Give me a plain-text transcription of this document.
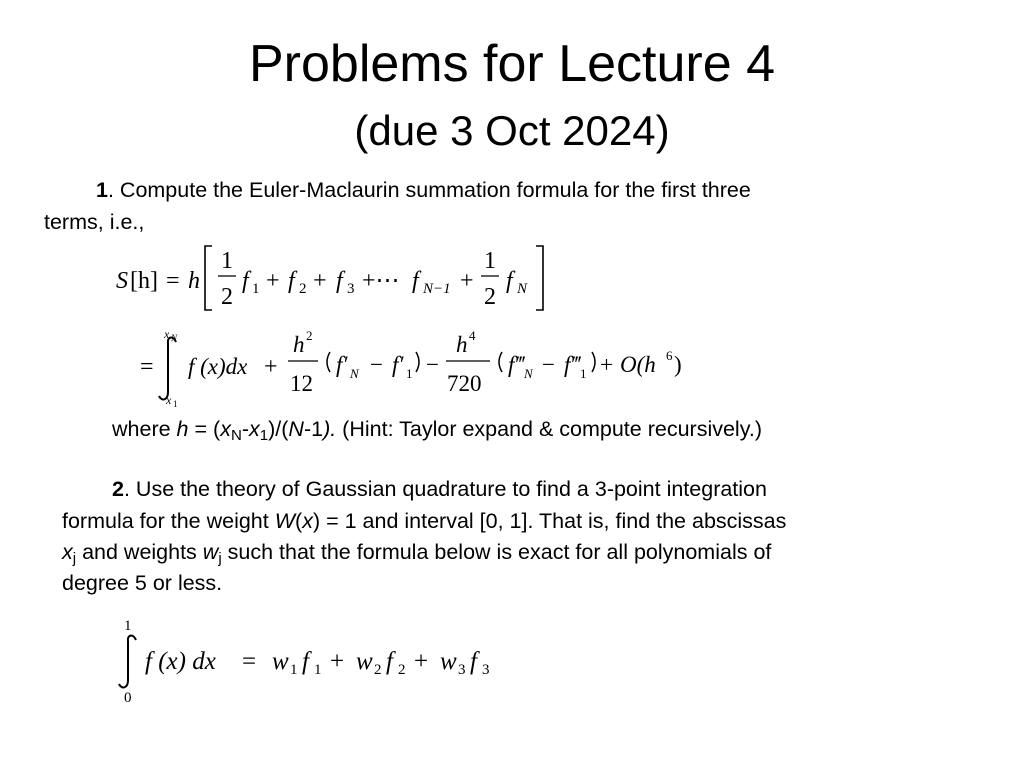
Problems for Lecture 4
(due 3 Oct 2024)
1. Compute the Euler-Maclaurin summation formula for the first three
terms, i.e.,
S [h] = h
1
2
f 1 + f 2 + f 3 +⋯ f N−1 +
1
2
f N
=
x N
x 1
f (x)dx +
h 2
12
f′ N − f′ 1 −
h 4
720
f‴ N − f‴ 1 + O(h 6 )
where $h = (x_N-x_1)/(N-1)$. (Hint: Taylor expand & compute recursively.)
2. Use the theory of Gaussian quadrature to find a 3-point integration
formula for the weight W(x) = 1 and interval [0, 1]. That is, find the abscissas
$x_j$ and weights $w_j$ such that the formula below is exact for all polynomials of
degree 5 or less.
1
0
f (x) dx = w 1 f 1 + w 2 f 2 + w 3 f 3
